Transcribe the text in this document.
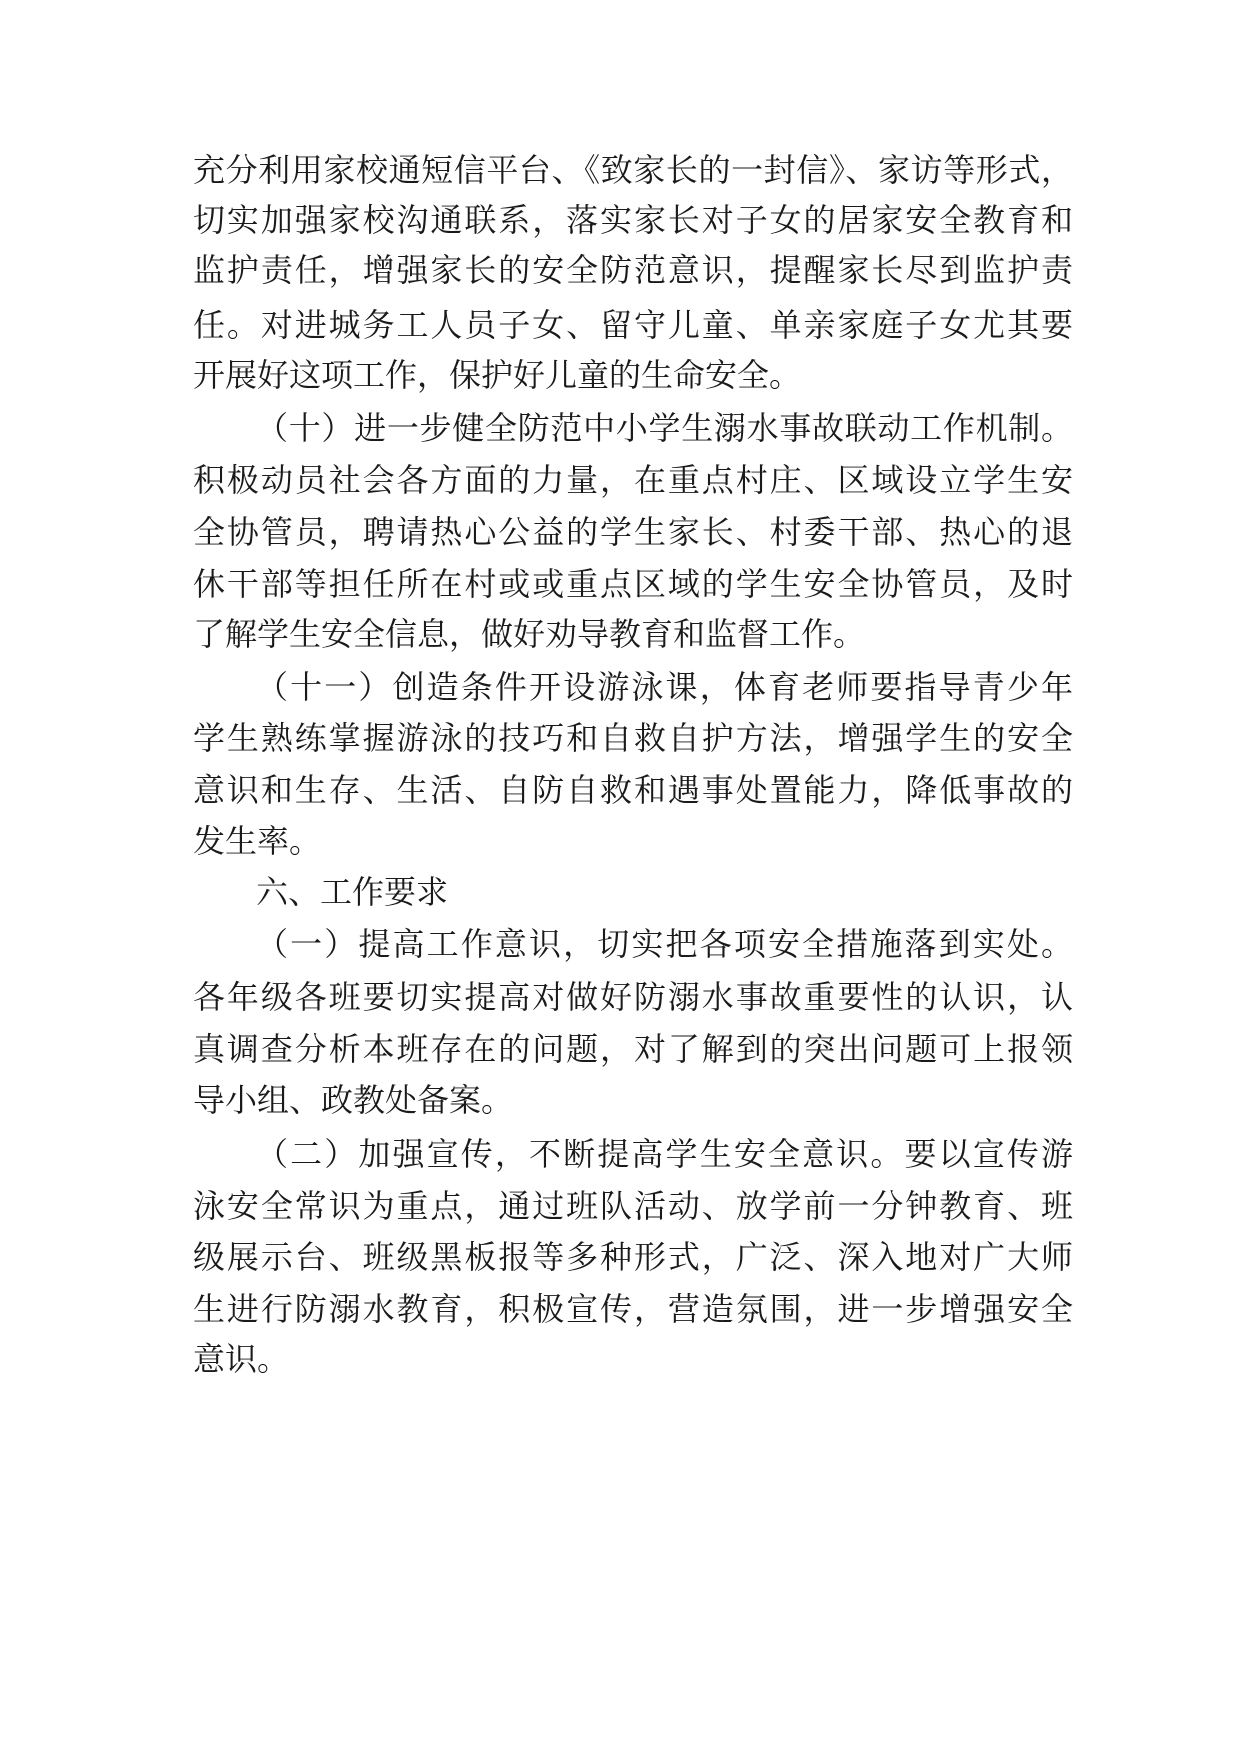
充分利用家校通短信平台、《致家长的一封信》、家访等形式，

切实加强家校沟通联系，落实家长对子女的居家安全教育和

监护责任，增强家长的安全防范意识，提醒家长尽到监护责

任。对进城务工人员子女、留守儿童、单亲家庭子女尤其要

开展好这项工作，保护好儿童的生命安全。

（十）进一步健全防范中小学生溺水事故联动工作机制。

积极动员社会各方面的力量，在重点村庄、区域设立学生安

全协管员，聘请热心公益的学生家长、村委干部、热心的退

休干部等担任所在村或或重点区域的学生安全协管员，及时

了解学生安全信息，做好劝导教育和监督工作。

（十一）创造条件开设游泳课，体育老师要指导青少年

学生熟练掌握游泳的技巧和自救自护方法，增强学生的安全

意识和生存、生活、自防自救和遇事处置能力，降低事故的

发生率。

六、工作要求

（一）提高工作意识，切实把各项安全措施落到实处。

各年级各班要切实提高对做好防溺水事故重要性的认识，认

真调查分析本班存在的问题，对了解到的突出问题可上报领

导小组、政教处备案。

（二）加强宣传，不断提高学生安全意识。要以宣传游

泳安全常识为重点，通过班队活动、放学前一分钟教育、班

级展示台、班级黑板报等多种形式，广泛、深入地对广大师

生进行防溺水教育，积极宣传，营造氛围，进一步增强安全

意识。
